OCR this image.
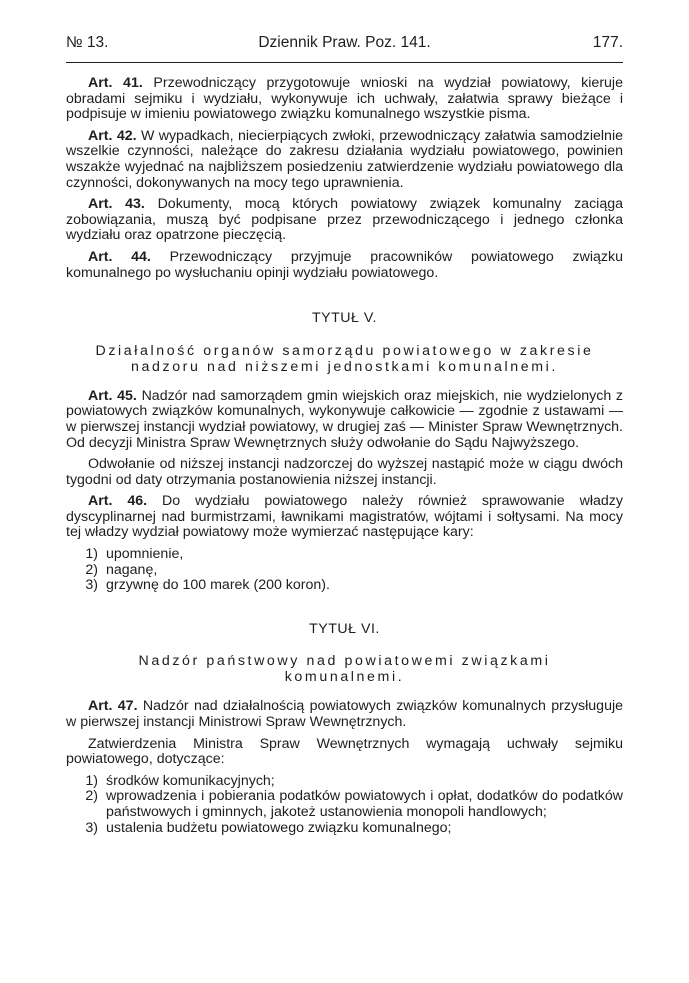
№ 13.	Dziennik Praw. Poz. 141.	177.

Art. 41. Przewodniczący przygotowuje wnioski na wydział powiatowy, kieruje obradami sejmiku i wydziału, wykonywuje ich uchwały, załatwia sprawy bieżące i podpisuje w imieniu powiatowego związku komunalnego wszystkie pisma.

Art. 42. W wypadkach, niecierpiących zwłoki, przewodniczący załatwia samodzielnie wszelkie czynności, należące do zakresu działania wydziału powiatowego, powinien wszakże wyjednać na najbliższem posiedzeniu zatwierdzenie wydziału powiatowego dla czynności, dokonywanych na mocy tego uprawnienia.

Art. 43. Dokumenty, mocą których powiatowy związek komunalny zaciąga zobowiązania, muszą być podpisane przez przewodniczącego i jednego członka wydziału oraz opatrzone pieczęcią.

Art. 44. Przewodniczący przyjmuje pracowników powiatowego związku komunalnego po wysłuchaniu opinji wydziału powiatowego.

TYTUŁ V.
Działalność organów samorządu powiatowego w zakresie
nadzoru nad niższemi jednostkami komunalnemi.

Art. 45. Nadzór nad samorządem gmin wiejskich oraz miejskich, nie wydzielonych z powiatowych związków komunalnych, wykonywuje całkowicie — zgodnie z ustawami — w pierwszej instancji wydział powiatowy, w drugiej zaś — Minister Spraw Wewnętrznych. Od decyzji Ministra Spraw Wewnętrznych służy odwołanie do Sądu Najwyższego.

Odwołanie od niższej instancji nadzorczej do wyższej nastąpić może w ciągu dwóch tygodni od daty otrzymania postanowienia niższej instancji.

Art. 46. Do wydziału powiatowego należy również sprawowanie władzy dyscyplinarnej nad burmistrzami, ławnikami magistratów, wójtami i sołtysami. Na mocy tej władzy wydział powiatowy może wymierzać następujące kary:

1) upomnienie,
2) naganę,
3) grzywnę do 100 marek (200 koron).
TYTUŁ VI.
Nadzór państwowy nad powiatowemi związkami
komunalnemi.

Art. 47. Nadzór nad działalnością powiatowych związków komunalnych przysługuje w pierwszej instancji Ministrowi Spraw Wewnętrznych.

Zatwierdzenia Ministra Spraw Wewnętrznych wymagają uchwały sejmiku powiatowego, dotyczące:

1) środków komunikacyjnych;
2) wprowadzenia i pobierania podatków powiatowych i opłat, dodatków do podatków państwowych i gminnych, jakoteż ustanowienia monopoli handlowych;
3) ustalenia budżetu powiatowego związku komunalnego;
